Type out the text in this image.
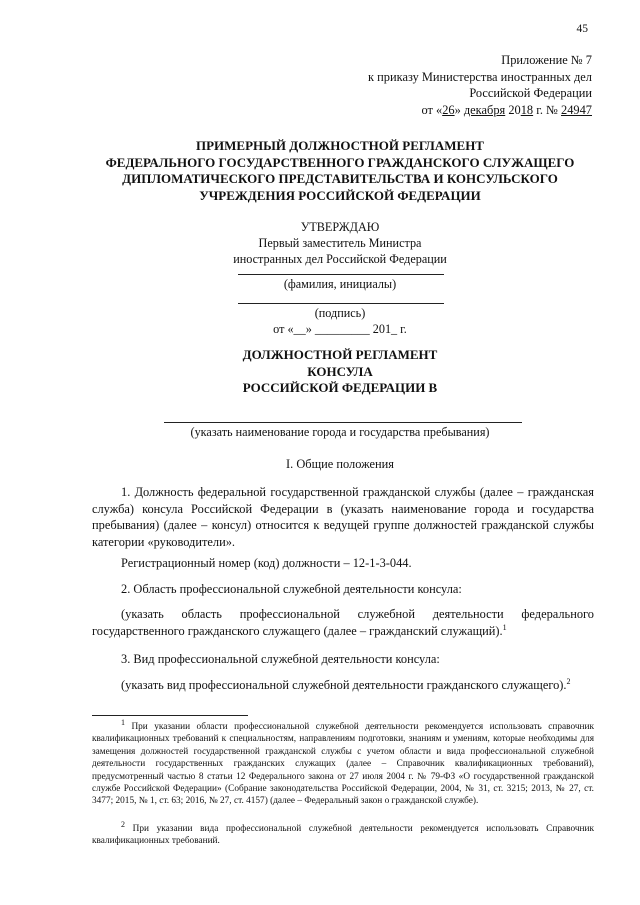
45
Приложение № 7
к приказу Министерства иностранных дел
Российской Федерации
от «26» декабря 2018 г. № 24947
ПРИМЕРНЫЙ ДОЛЖНОСТНОЙ РЕГЛАМЕНТ
ФЕДЕРАЛЬНОГО ГОСУДАРСТВЕННОГО ГРАЖДАНСКОГО СЛУЖАЩЕГО
ДИПЛОМАТИЧЕСКОГО ПРЕДСТАВИТЕЛЬСТВА И КОНСУЛЬСКОГО
УЧРЕЖДЕНИЯ РОССИЙСКОЙ ФЕДЕРАЦИИ
УТВЕРЖДАЮ
Первый заместитель Министра
иностранных дел Российской Федерации
(фамилия, инициалы)
(подпись)
от «__» _________ 201_ г.
ДОЛЖНОСТНОЙ РЕГЛАМЕНТ
КОНСУЛА
РОССИЙСКОЙ ФЕДЕРАЦИИ В
(указать наименование города и государства пребывания)
I. Общие положения
1. Должность федеральной государственной гражданской службы (далее – гражданская служба) консула Российской Федерации в (указать наименование города и государства пребывания) (далее – консул) относится к ведущей группе должностей гражданской службы категории «руководители».
Регистрационный номер (код) должности – 12-1-3-044.
2. Область профессиональной служебной деятельности консула:
(указать область профессиональной служебной деятельности федерального государственного гражданского служащего (далее – гражданский служащий).$^1$
3. Вид профессиональной служебной деятельности консула:
(указать вид профессиональной служебной деятельности гражданского служащего).$^2$
$^1$ При указании области профессиональной служебной деятельности рекомендуется использовать справочник квалификационных требований к специальностям, направлениям подготовки, знаниям и умениям, которые необходимы для замещения должностей государственной гражданской службы с учетом области и вида профессиональной служебной деятельности государственных гражданских служащих (далее – Справочник квалификационных требований), предусмотренный частью 8 статьи 12 Федерального закона от 27 июля 2004 г. № 79-ФЗ «О государственной гражданской службе Российской Федерации» (Собрание законодательства Российской Федерации, 2004, № 31, ст. 3215; 2013, № 27, ст. 3477; 2015, № 1, ст. 63; 2016, № 27, ст. 4157) (далее – Федеральный закон о гражданской службе).
$^2$ При указании вида профессиональной служебной деятельности рекомендуется использовать Справочник квалификационных требований.
